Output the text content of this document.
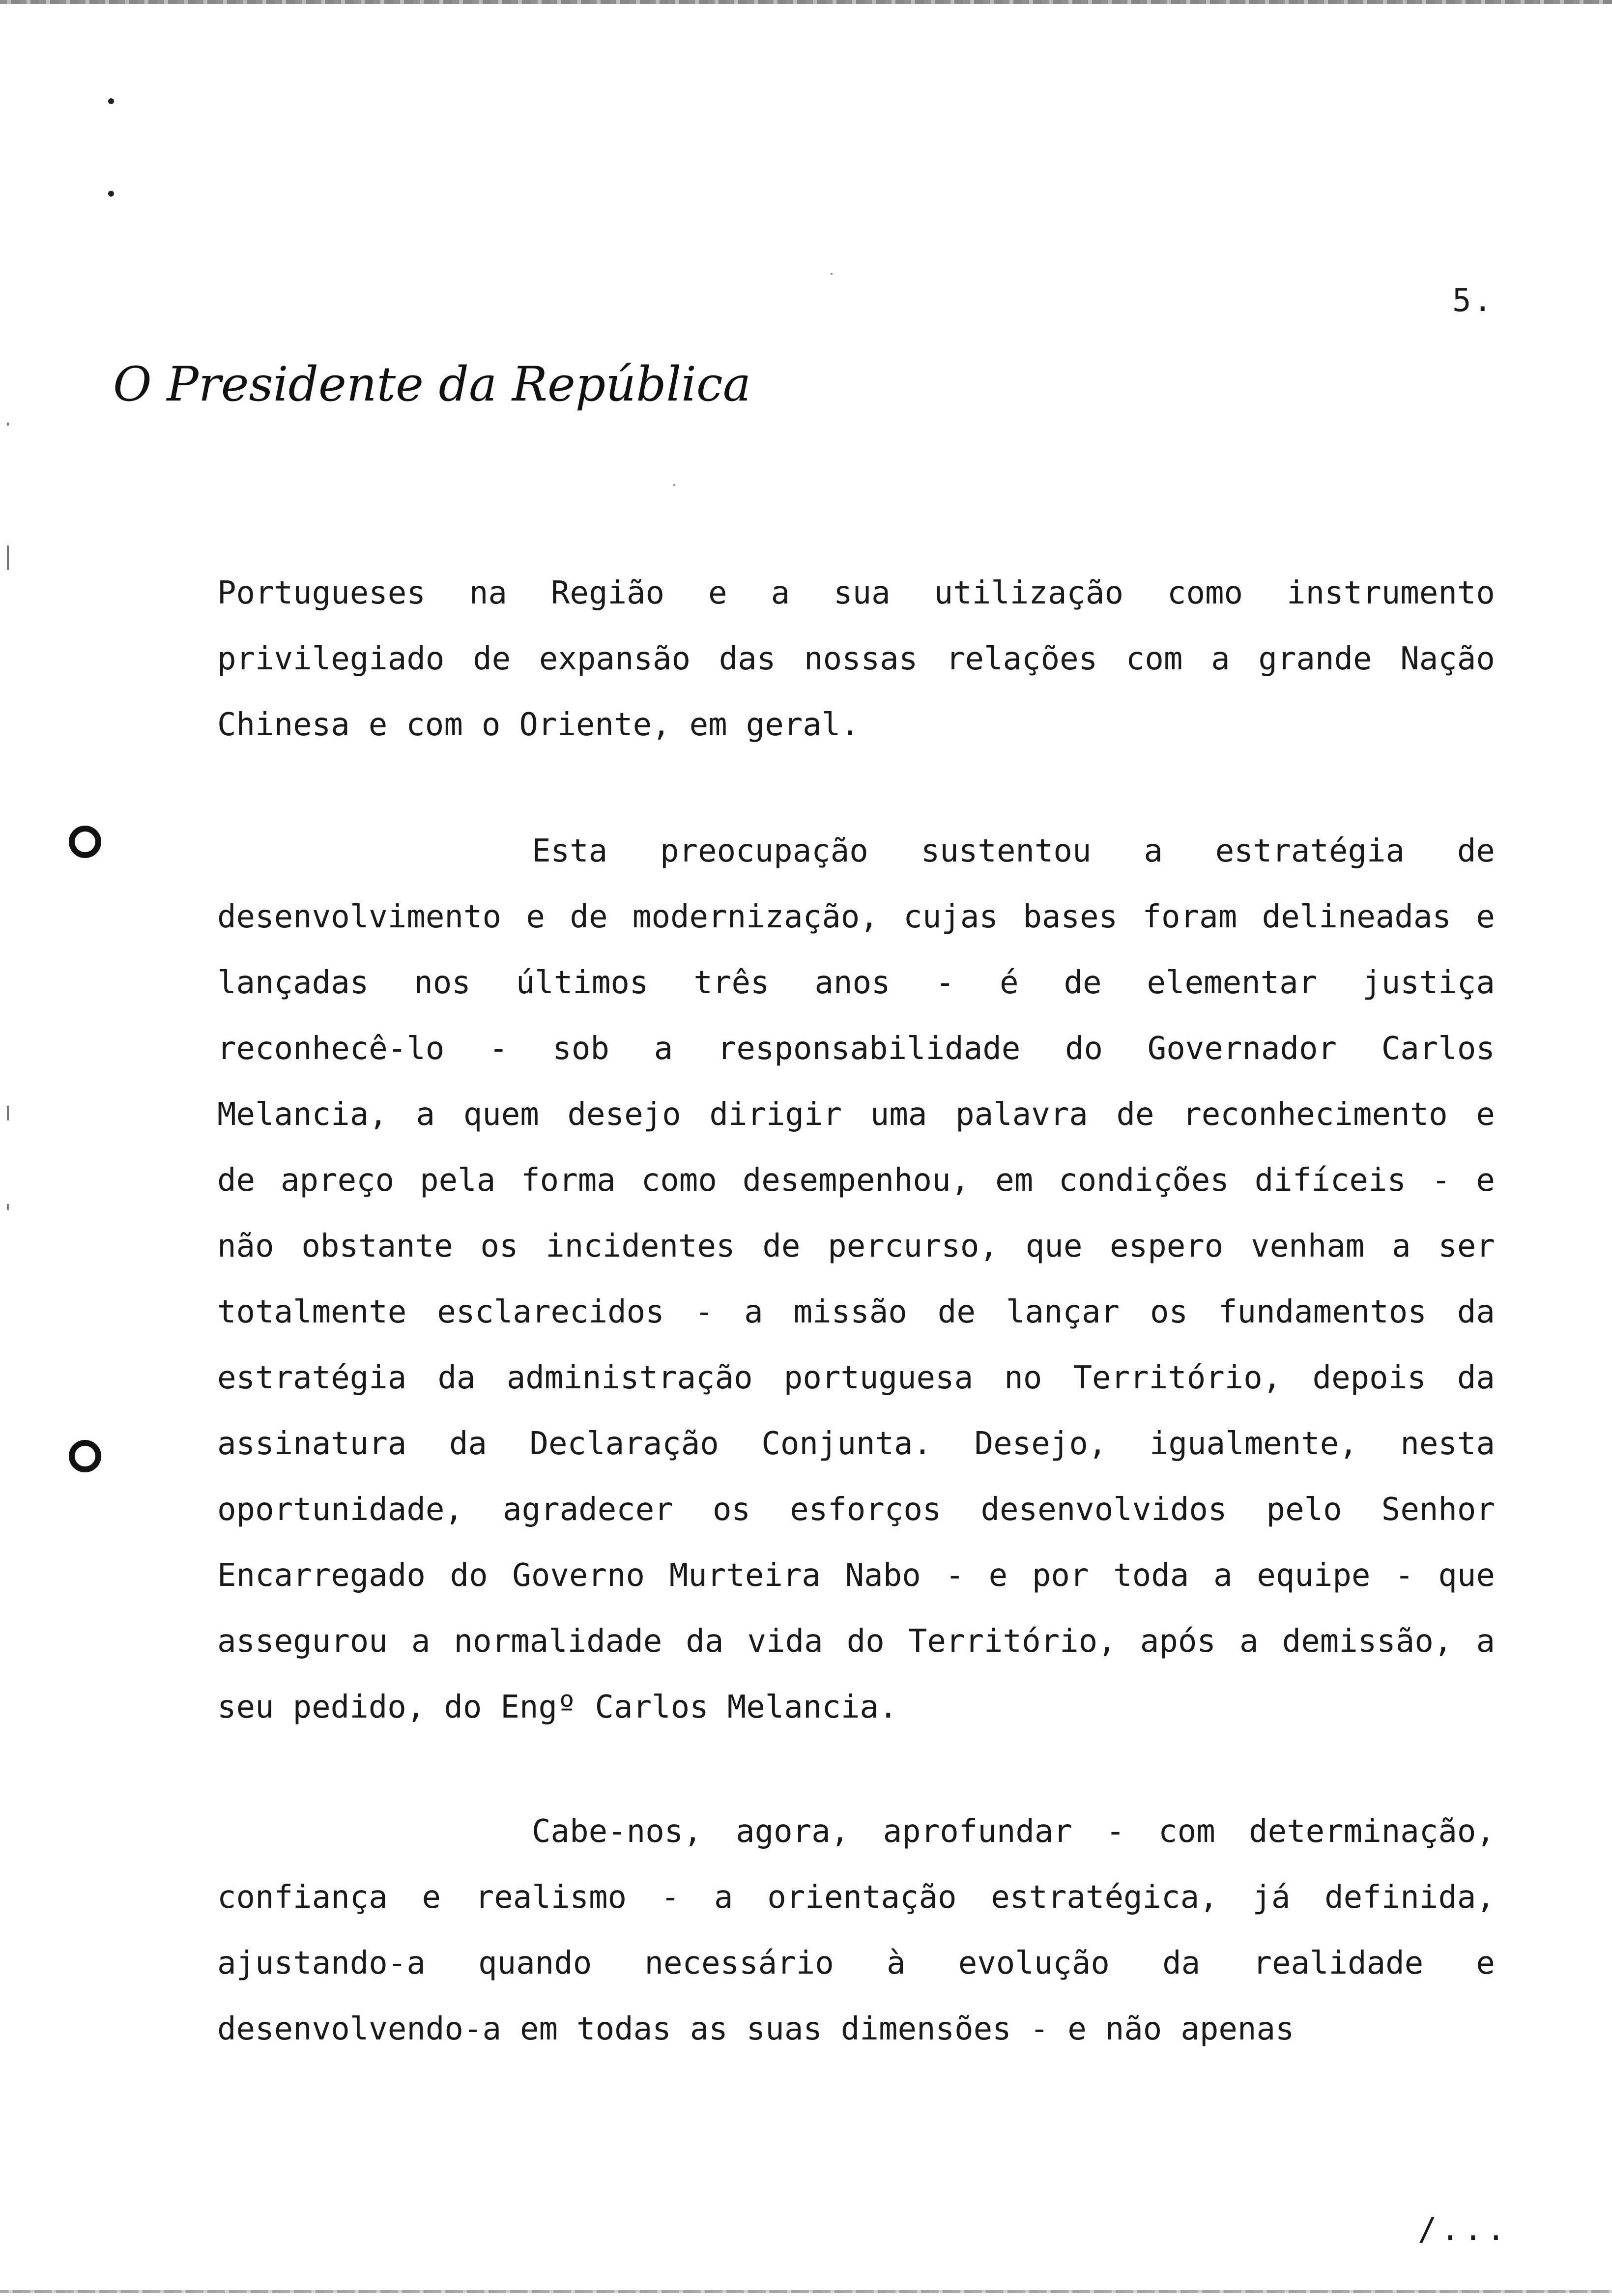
5.
O Presidente da República
Portugueses na Região e a sua utilização como instrumento
privilegiado de expansão das nossas relações com a grande Nação
Chinesa e com o Oriente, em geral.
Esta preocupação sustentou a estratégia de
desenvolvimento e de modernização, cujas bases foram delineadas e
lançadas nos últimos três anos - é de elementar justiça
reconhecê-lo - sob a responsabilidade do Governador Carlos
Melancia, a quem desejo dirigir uma palavra de reconhecimento e
de apreço pela forma como desempenhou, em condições difíceis - e
não obstante os incidentes de percurso, que espero venham a ser
totalmente esclarecidos - a missão de lançar os fundamentos da
estratégia da administração portuguesa no Território, depois da
assinatura da Declaração Conjunta. Desejo, igualmente, nesta
oportunidade, agradecer os esforços desenvolvidos pelo Senhor
Encarregado do Governo Murteira Nabo - e por toda a equipe - que
assegurou a normalidade da vida do Território, após a demissão, a
seu pedido, do Engº Carlos Melancia.
Cabe-nos, agora, aprofundar - com determinação,
confiança e realismo - a orientação estratégica, já definida,
ajustando-a quando necessário à evolução da realidade e
desenvolvendo-a em todas as suas dimensões - e não apenas
/...
